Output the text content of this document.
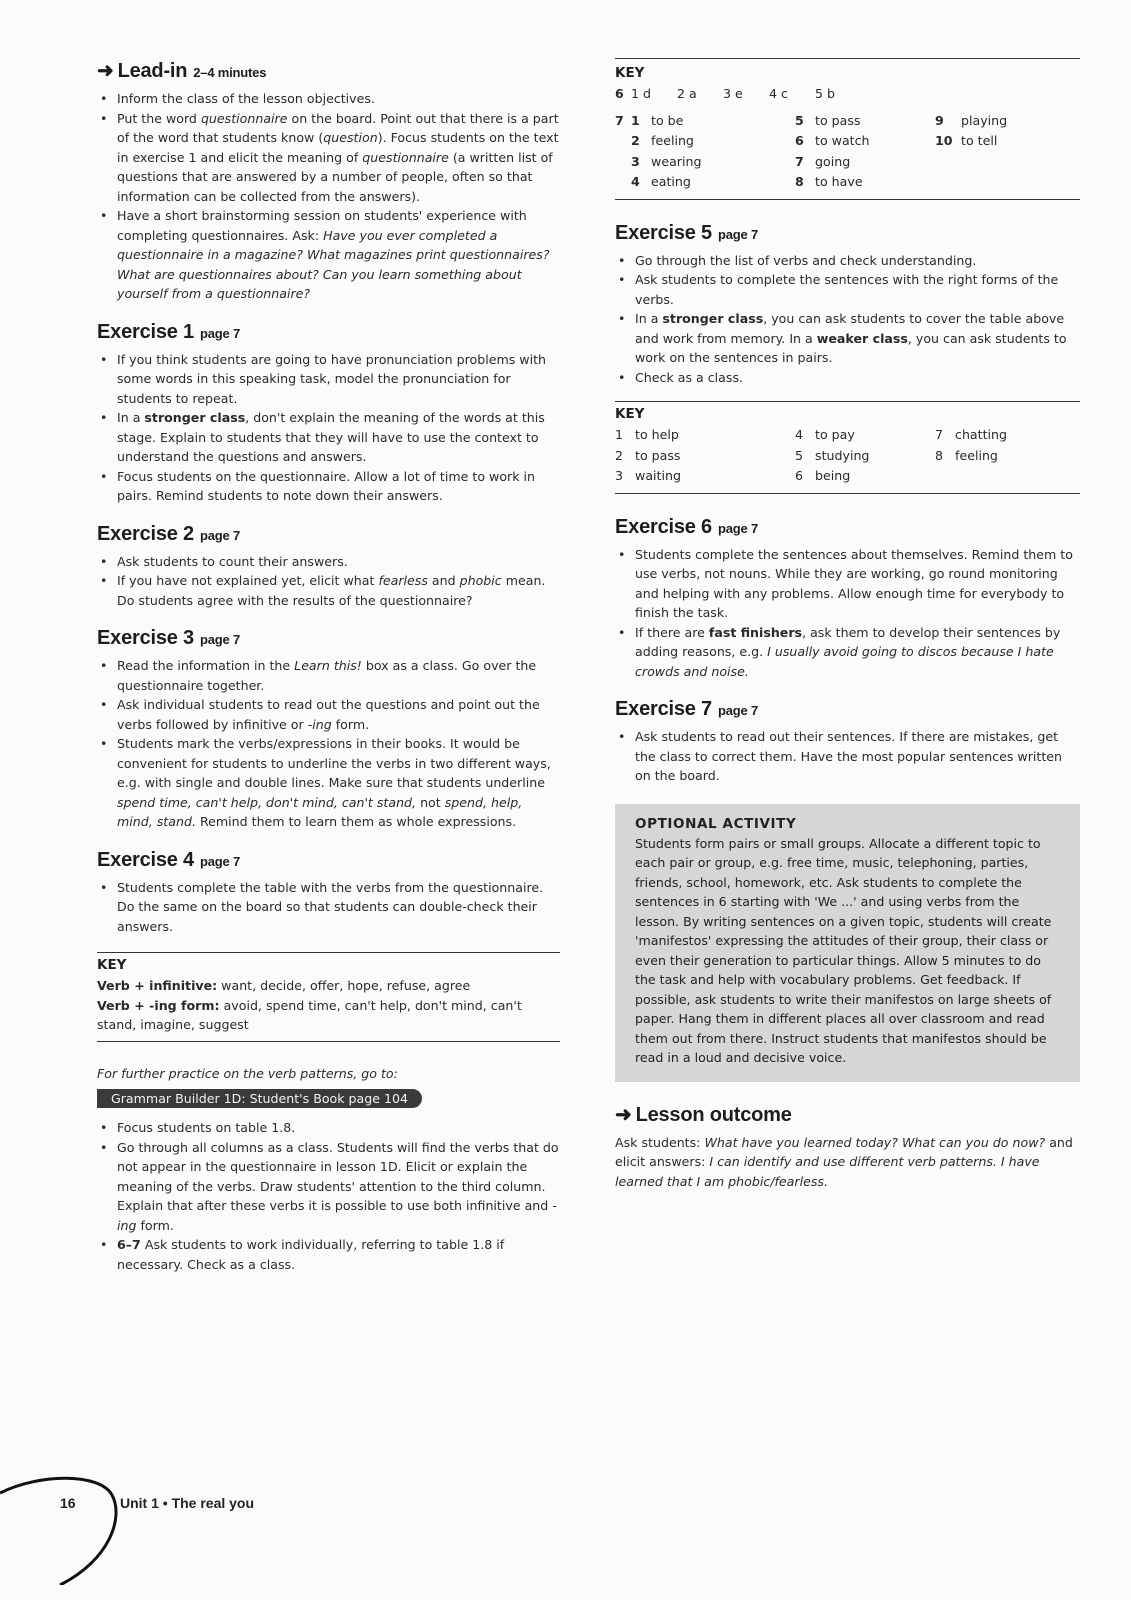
➜ Lead-in 2–4 minutes
• Inform the class of the lesson objectives.
• Put the word questionnaire on the board. Point out that there is a part of the word that students know (question). Focus students on the text in exercise 1 and elicit the meaning of questionnaire (a written list of questions that are answered by a number of people, often so that information can be collected from the answers).
• Have a short brainstorming session on students' experience with completing questionnaires. Ask: Have you ever completed a questionnaire in a magazine? What magazines print questionnaires? What are questionnaires about? Can you learn something about yourself from a questionnaire?
Exercise 1 page 7
• If you think students are going to have pronunciation problems with some words in this speaking task, model the pronunciation for students to repeat.
• In a stronger class, don't explain the meaning of the words at this stage. Explain to students that they will have to use the context to understand the questions and answers.
• Focus students on the questionnaire. Allow a lot of time to work in pairs. Remind students to note down their answers.
Exercise 2 page 7
• Ask students to count their answers.
• If you have not explained yet, elicit what fearless and phobic mean. Do students agree with the results of the questionnaire?
Exercise 3 page 7
• Read the information in the Learn this! box as a class. Go over the questionnaire together.
• Ask individual students to read out the questions and point out the verbs followed by infinitive or -ing form.
• Students mark the verbs/expressions in their books. It would be convenient for students to underline the verbs in two different ways, e.g. with single and double lines. Make sure that students underline spend time, can't help, don't mind, can't stand, not spend, help, mind, stand. Remind them to learn them as whole expressions.
Exercise 4 page 7
• Students complete the table with the verbs from the questionnaire. Do the same on the board so that students can double-check their answers.
KEY
Verb + infinitive: want, decide, offer, hope, refuse, agree
Verb + -ing form: avoid, spend time, can't help, don't mind, can't stand, imagine, suggest

For further practice on the verb patterns, go to:

Grammar Builder 1D: Student's Book page 104
• Focus students on table 1.8.
• Go through all columns as a class. Students will find the verbs that do not appear in the questionnaire in lesson 1D. Elicit or explain the meaning of the verbs. Draw students' attention to the third column. Explain that after these verbs it is possible to use both infinitive and -ing form.
• 6–7 Ask students to work individually, referring to table 1.8 if necessary. Check as a class.
KEY
6 1 d	2 a	3 e	4 c	5 b
7 1 to be
2 feeling
3 wearing
4 eating
5 to pass
6 to watch
7 going
8 to have
9 playing
10 to tell
Exercise 5 page 7
• Go through the list of verbs and check understanding.
• Ask students to complete the sentences with the right forms of the verbs.
• In a stronger class, you can ask students to cover the table above and work from memory. In a weaker class, you can ask students to work on the sentences in pairs.
• Check as a class.
KEY
1 to help
2 to pass
3 waiting
4 to pay
5 studying
6 being
7 chatting
8 feeling
Exercise 6 page 7
• Students complete the sentences about themselves. Remind them to use verbs, not nouns. While they are working, go round monitoring and helping with any problems. Allow enough time for everybody to finish the task.
• If there are fast finishers, ask them to develop their sentences by adding reasons, e.g. I usually avoid going to discos because I hate crowds and noise.
Exercise 7 page 7
• Ask students to read out their sentences. If there are mistakes, get the class to correct them. Have the most popular sentences written on the board.
OPTIONAL ACTIVITY

Students form pairs or small groups. Allocate a different topic to each pair or group, e.g. free time, music, telephoning, parties, friends, school, homework, etc. Ask students to complete the sentences in 6 starting with 'We ...' and using verbs from the lesson. By writing sentences on a given topic, students will create 'manifestos' expressing the attitudes of their group, their class or even their generation to particular things. Allow 5 minutes to do the task and help with vocabulary problems. Get feedback. If possible, ask students to write their manifestos on large sheets of paper. Hang them in different places all over classroom and read them out from there. Instruct students that manifestos should be read in a loud and decisive voice.

➜ Lesson outcome

Ask students: What have you learned today? What can you do now? and elicit answers: I can identify and use different verb patterns. I have learned that I am phobic/fearless.

16	Unit 1 • The real you
